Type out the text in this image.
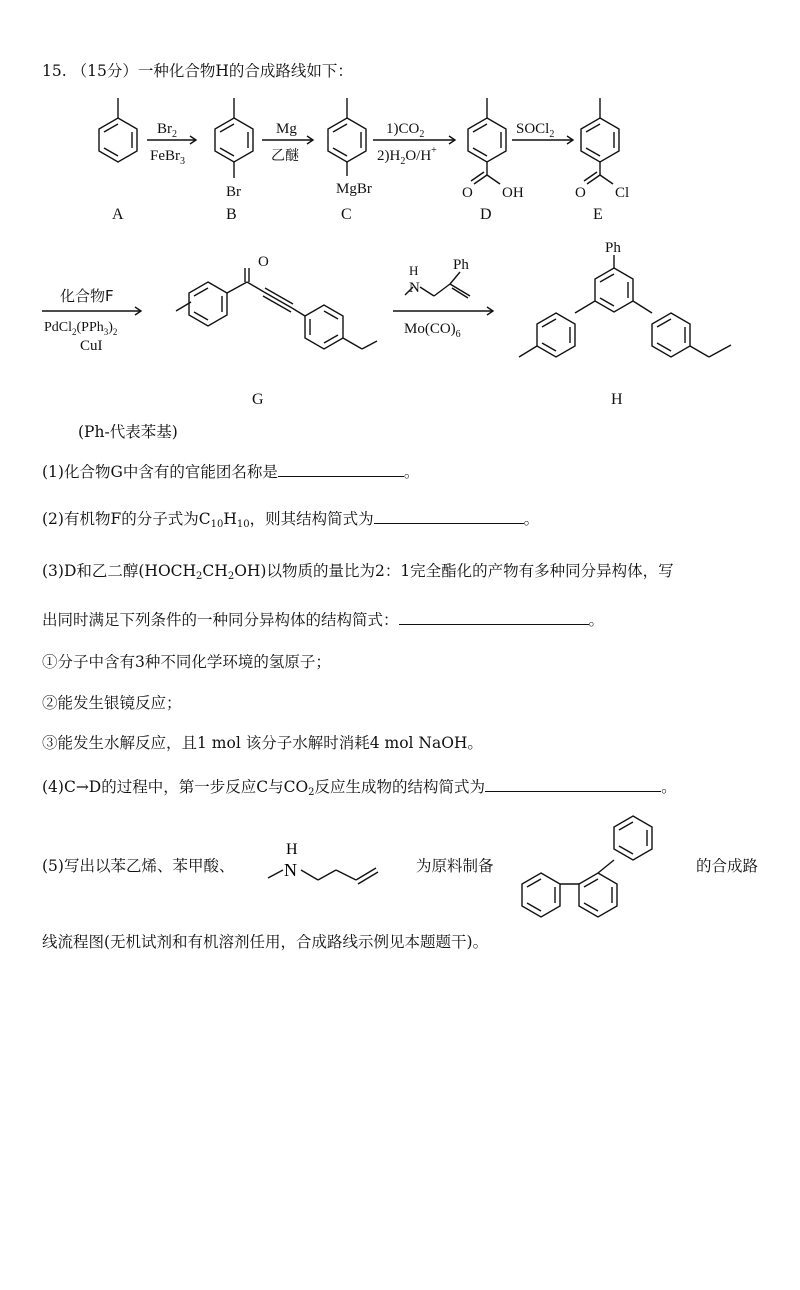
15. （15分）一种化合物H的合成路线如下：
A	B	C	D	E
G	H
Br	MgBr	O OH	O Cl
O
Ph
Ph
H
N
$Br_2$
FeBr$_3$
Mg
乙醚
$1)CO_2$
$2)H_2O/H^+$
SOCl$_2$
化合物F
$PdCl_2(PPh_3)_2$
CuI
$Mo(CO)_6$
(Ph-代表苯基)
(1)化合物G中含有的官能团名称是	。
(2)有机物F的分子式为$C_{10}H_{10}$，则其结构简式为	。
(3)D和乙二醇$(HOCH_2CH_2OH)$以物质的量比为2：1完全酯化的产物有多种同分异构体，写
出同时满足下列条件的一种同分异构体的结构简式：	。
①分子中含有3种不同化学环境的氢原子；
②能发生银镜反应；
③能发生水解反应，且1 mol 该分子水解时消耗4 mol NaOH。
(4)C→D的过程中，第一步反应C与$CO_2$反应生成物的结构简式为	。
(5)写出以苯乙烯、苯甲酸、
H
N	为原料制备	的合成路
线流程图(无机试剂和有机溶剂任用，合成路线示例见本题题干)。
